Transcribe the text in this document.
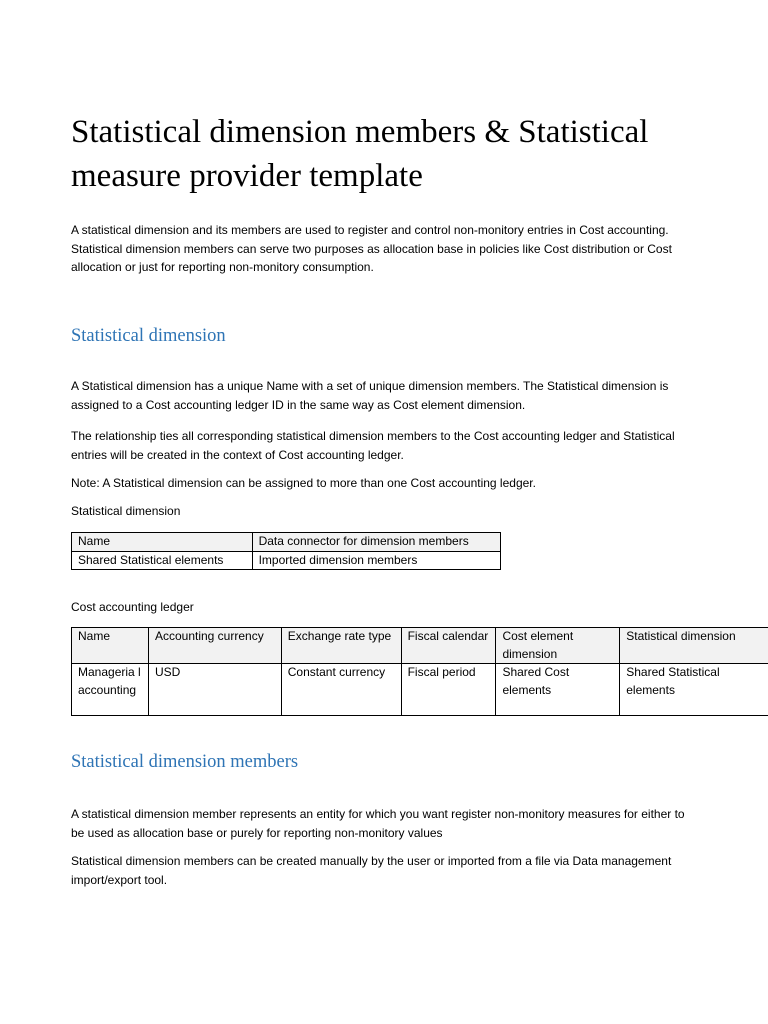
Statistical dimension members & Statistical measure provider template

A statistical dimension and its members are used to register and control non-monitory entries in Cost accounting. Statistical dimension members can serve two purposes as allocation base in policies like Cost distribution or Cost allocation or just for reporting non-monitory consumption.

Statistical dimension

A Statistical dimension has a unique Name with a set of unique dimension members. The Statistical dimension is assigned to a Cost accounting ledger ID in the same way as Cost element dimension.

The relationship ties all corresponding statistical dimension members to the Cost accounting ledger and Statistical entries will be created in the context of Cost accounting ledger.

Note: A Statistical dimension can be assigned to more than one Cost accounting ledger.

Statistical dimension

Name	Data connector for dimension members
Shared Statistical elements	Imported dimension members

Cost accounting ledger

Name	Accounting currency	Exchange rate type	Fiscal calendar	Cost element dimension	Statistical dimension
Manageria l accounting	USD	Constant currency	Fiscal period	Shared Cost elements	Shared Statistical elements
Statistical dimension members

A statistical dimension member represents an entity for which you want register non-monitory measures for either to be used as allocation base or purely for reporting non-monitory values

Statistical dimension members can be created manually by the user or imported from a file via Data management import/export tool.
